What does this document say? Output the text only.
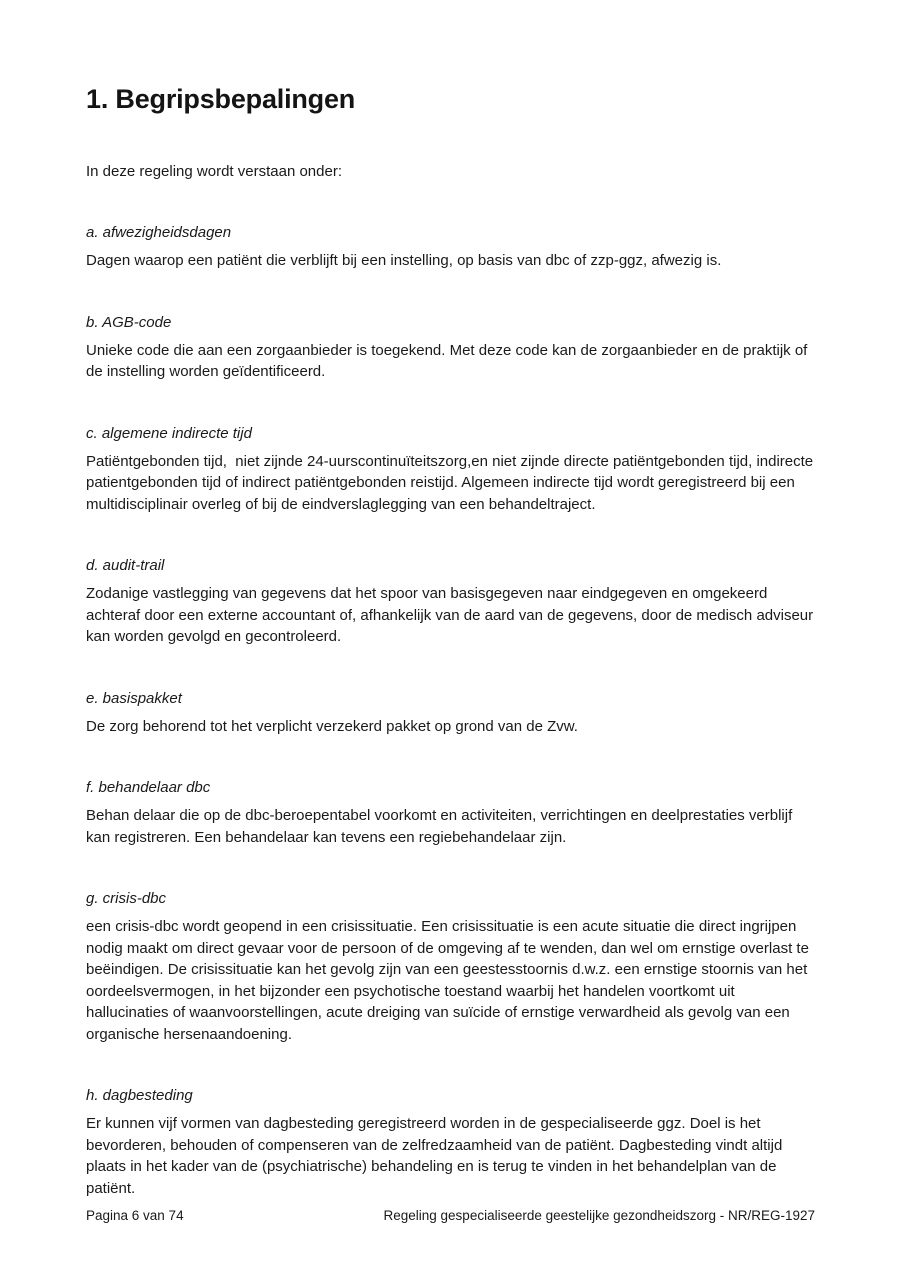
1. Begripsbepalingen

In deze regeling wordt verstaan onder:

a. afwezigheidsdagen

Dagen waarop een patiënt die verblijft bij een instelling, op basis van dbc of zzp-ggz, afwezig is.

b. AGB-code

Unieke code die aan een zorgaanbieder is toegekend. Met deze code kan de zorgaanbieder en de praktijk of de instelling worden geïdentificeerd.

c. algemene indirecte tijd

Patiëntgebonden tijd,  niet zijnde 24-uurscontinuïteitszorg,en niet zijnde directe patiëntgebonden tijd, indirecte patientgebonden tijd of indirect patiëntgebonden reistijd. Algemeen indirecte tijd wordt geregistreerd bij een multidisciplinair overleg of bij de eindverslaglegging van een behandeltraject.

d. audit-trail

Zodanige vastlegging van gegevens dat het spoor van basisgegeven naar eindgegeven en omgekeerd achteraf door een externe accountant of, afhankelijk van de aard van de gegevens, door de medisch adviseur kan worden gevolgd en gecontroleerd.

e. basispakket

De zorg behorend tot het verplicht verzekerd pakket op grond van de Zvw.

f. behandelaar dbc

Behan delaar die op de dbc-beroepentabel voorkomt en activiteiten, verrichtingen en deelprestaties verblijf kan registreren. Een behandelaar kan tevens een regiebehandelaar zijn.

g. crisis-dbc

een crisis-dbc wordt geopend in een crisissituatie. Een crisissituatie is een acute situatie die direct ingrijpen nodig maakt om direct gevaar voor de persoon of de omgeving af te wenden, dan wel om ernstige overlast te beëindigen. De crisissituatie kan het gevolg zijn van een geestesstoornis d.w.z. een ernstige stoornis van het oordeelsvermogen, in het bijzonder een psychotische toestand waarbij het handelen voortkomt uit hallucinaties of waanvoorstellingen, acute dreiging van suïcide of ernstige verwardheid als gevolg van een organische hersenaandoening.

h. dagbesteding

Er kunnen vijf vormen van dagbesteding geregistreerd worden in de gespecialiseerde ggz. Doel is het bevorderen, behouden of compenseren van de zelfredzaamheid van de patiënt. Dagbesteding vindt altijd plaats in het kader van de (psychiatrische) behandeling en is terug te vinden in het behandelplan van de patiënt.

Pagina 6 van 74	Regeling gespecialiseerde geestelijke gezondheidszorg - NR/REG-1927
